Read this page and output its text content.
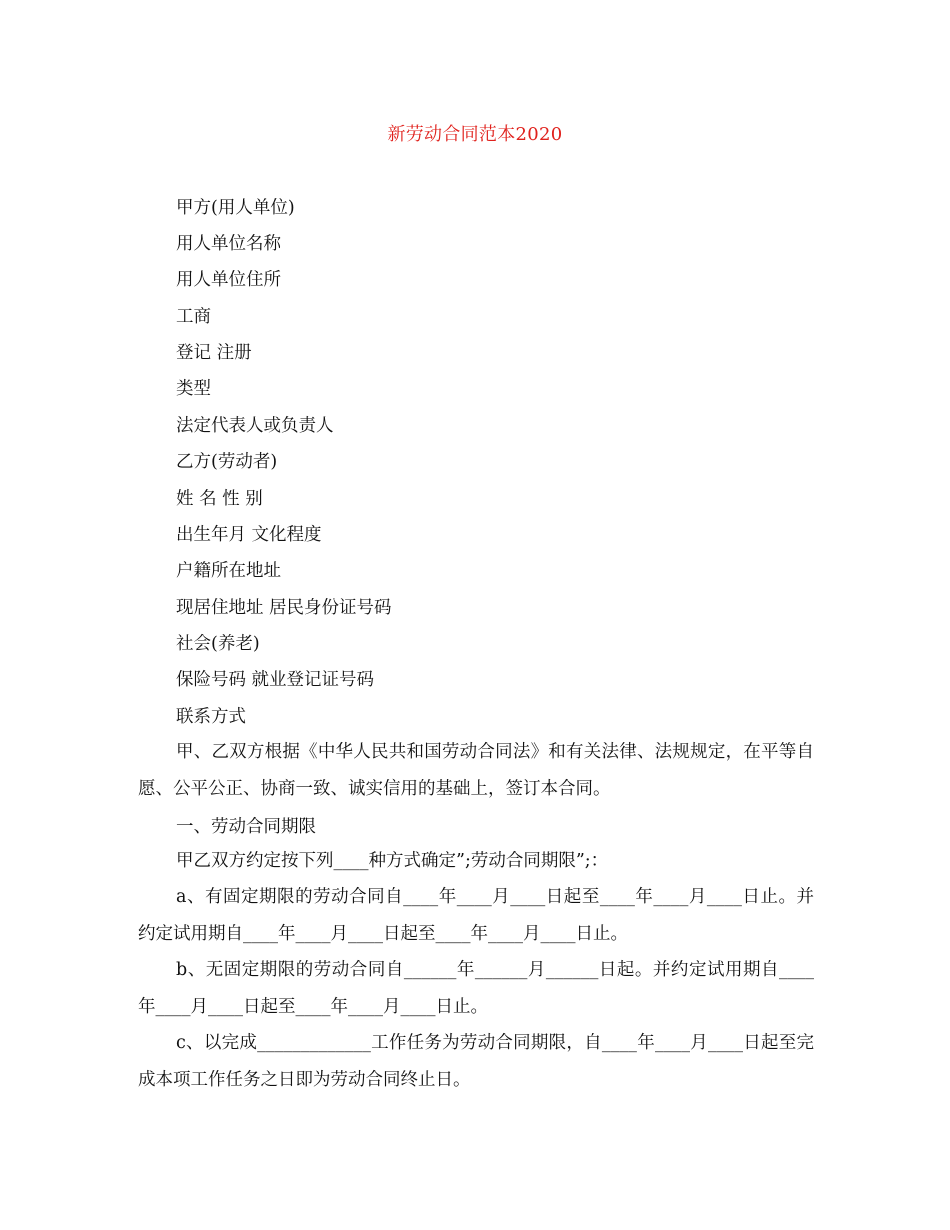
新劳动合同范本2020
甲方(用人单位)
用人单位名称
用人单位住所
工商
登记 注册
类型
法定代表人或负责人
乙方(劳动者)
姓 名 性 别
出生年月 文化程度
户籍所在地址
现居住地址 居民身份证号码
社会(养老)
保险号码 就业登记证号码
联系方式
甲、乙双方根据《中华人民共和国劳动合同法》和有关法律、法规规定，在平等自愿、公平公正、协商一致、诚实信用的基础上，签订本合同。
一、劳动合同期限
甲乙双方约定按下列____种方式确定”;劳动合同期限”;：
a、有固定期限的劳动合同自____年____月____日起至____年____月____日止。并约定试用期自____年____月____日起至____年____月____日止。
b、无固定期限的劳动合同自______年______月______日起。并约定试用期自____年____月____日起至____年____月____日止。
c、以完成_____________工作任务为劳动合同期限，自____年____月____日起至完成本项工作任务之日即为劳动合同终止日。
